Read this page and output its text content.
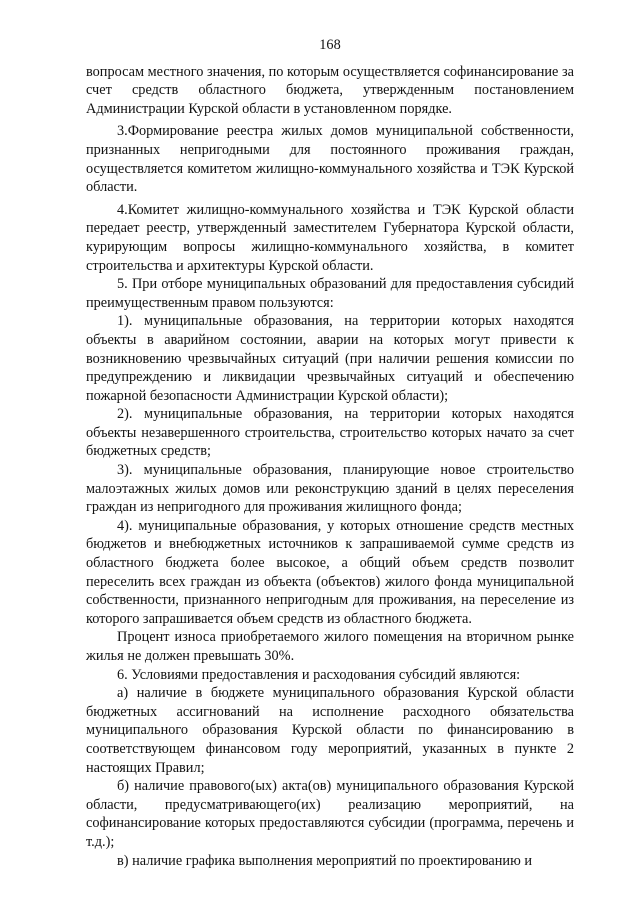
168

вопросам местного значения, по которым осуществляется софинансирование за счет средств областного бюджета, утвержденным постановлением Администрации Курской области в установленном порядке.

3.Формирование реестра жилых домов муниципальной собственности, признанных непригодными для постоянного проживания граждан, осуществляется комитетом жилищно-коммунального хозяйства и ТЭК Курской области.

4.Комитет жилищно-коммунального хозяйства и ТЭК Курской области передает реестр, утвержденный заместителем Губернатора Курской области, курирующим вопросы жилищно-коммунального хозяйства, в комитет строительства и архитектуры Курской области.

5. При отборе муниципальных образований для предоставления субсидий преимущественным правом пользуются:

1). муниципальные образования, на территории которых находятся объекты в аварийном состоянии, аварии на которых могут привести к возникновению чрезвычайных ситуаций (при наличии решения комиссии по предупреждению и ликвидации чрезвычайных ситуаций и обеспечению пожарной безопасности Администрации Курской области);

2). муниципальные образования, на территории которых находятся объекты незавершенного строительства, строительство которых начато за счет бюджетных средств;

3). муниципальные образования, планирующие новое строительство малоэтажных жилых домов или реконструкцию зданий в целях переселения граждан из непригодного для проживания жилищного фонда;

4). муниципальные образования, у которых отношение средств местных бюджетов и внебюджетных источников к запрашиваемой сумме средств из областного бюджета более высокое, а общий объем средств позволит переселить всех граждан из объекта (объектов) жилого фонда муниципальной собственности, признанного непригодным для проживания, на переселение из которого запрашивается объем средств из областного бюджета.

Процент износа приобретаемого жилого помещения на вторичном рынке жилья не должен превышать 30%.

6. Условиями предоставления и расходования субсидий являются:

а) наличие в бюджете муниципального образования Курской области бюджетных ассигнований на исполнение расходного обязательства муниципального образования Курской области по финансированию в соответствующем финансовом году мероприятий, указанных в пункте 2 настоящих Правил;

б) наличие правового(ых) акта(ов) муниципального образования Курской области, предусматривающего(их) реализацию мероприятий, на софинансирование которых предоставляются субсидии (программа, перечень и т.д.);

в) наличие графика выполнения мероприятий по проектированию и
